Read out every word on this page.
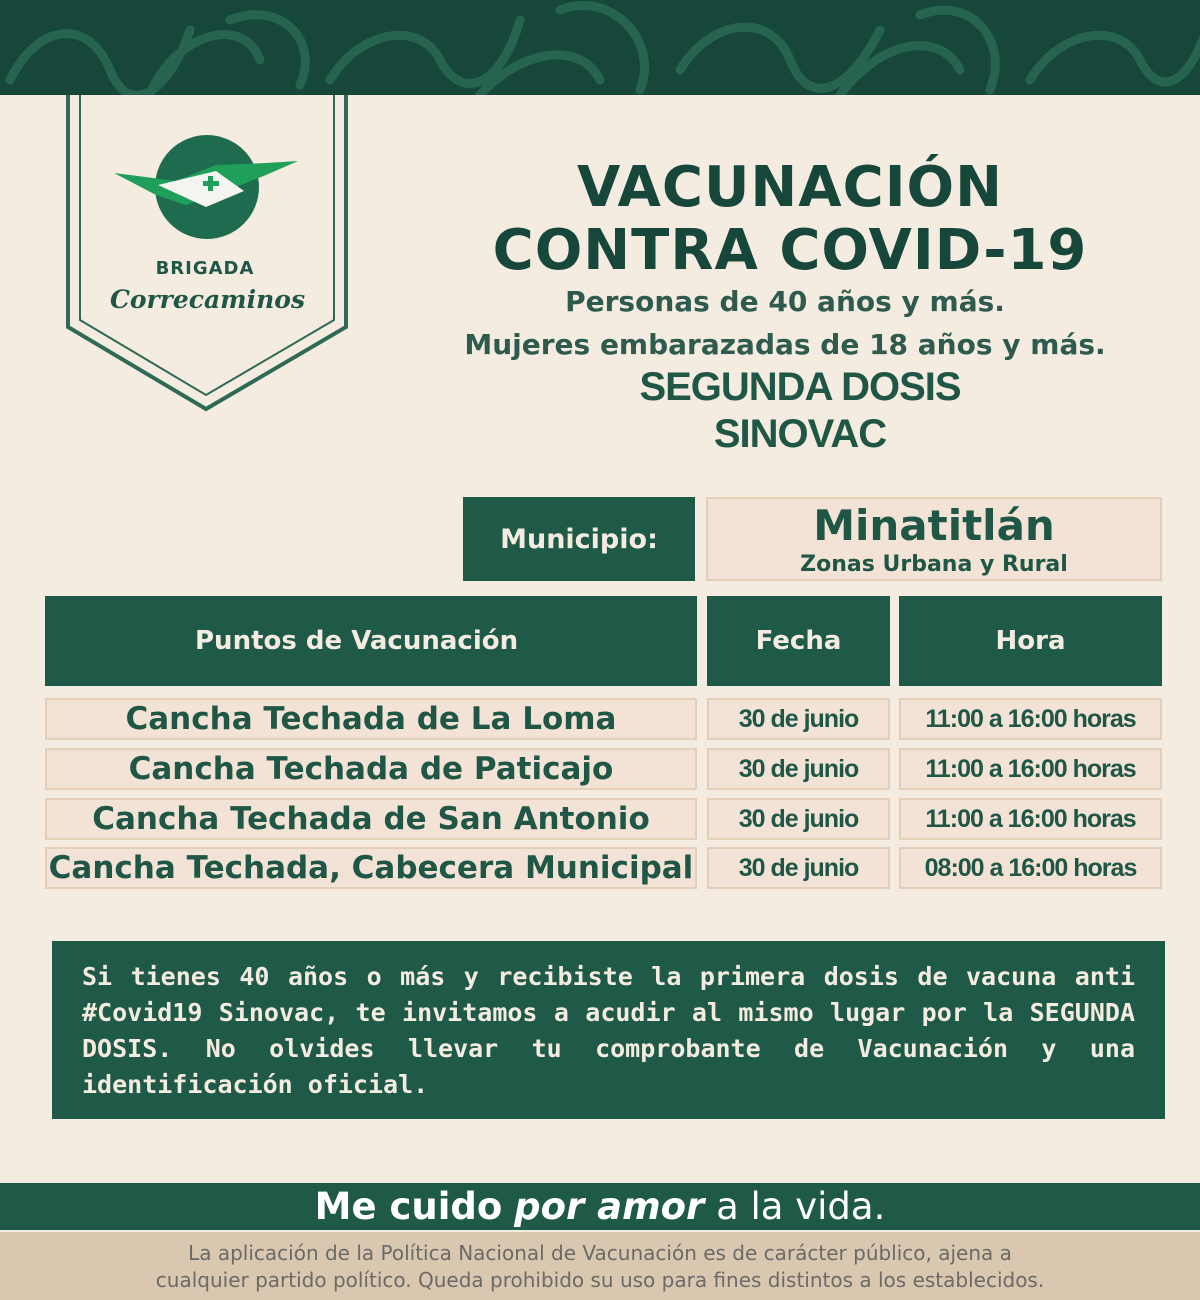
BRIGADA
Correcaminos
VACUNACIÓN
CONTRA COVID-19
Personas de 40 años y más.
Mujeres embarazadas de 18 años y más.
SEGUNDA DOSIS
SINOVAC
Municipio:	Minatitlán
Zonas Urbana y Rural
Puntos de Vacunación	Fecha	Hora
Cancha Techada de La Loma	30 de junio	11:00 a 16:00 horas
Cancha Techada de Paticajo	30 de junio	11:00 a 16:00 horas
Cancha Techada de San Antonio	30 de junio	11:00 a 16:00 horas
Cancha Techada, Cabecera Municipal	30 de junio	08:00 a 16:00 horas

Si tienes 40 años o más y recibiste la primera dosis de vacuna anti #Covid19 Sinovac, te invitamos a acudir al mismo lugar por la SEGUNDA DOSIS. No olvides llevar tu comprobante de Vacunación y una identificación oficial.

Me cuido por amor a la vida.

La aplicación de la Política Nacional de Vacunación es de carácter público, ajena a

cualquier partido político. Queda prohibido su uso para fines distintos a los establecidos.
